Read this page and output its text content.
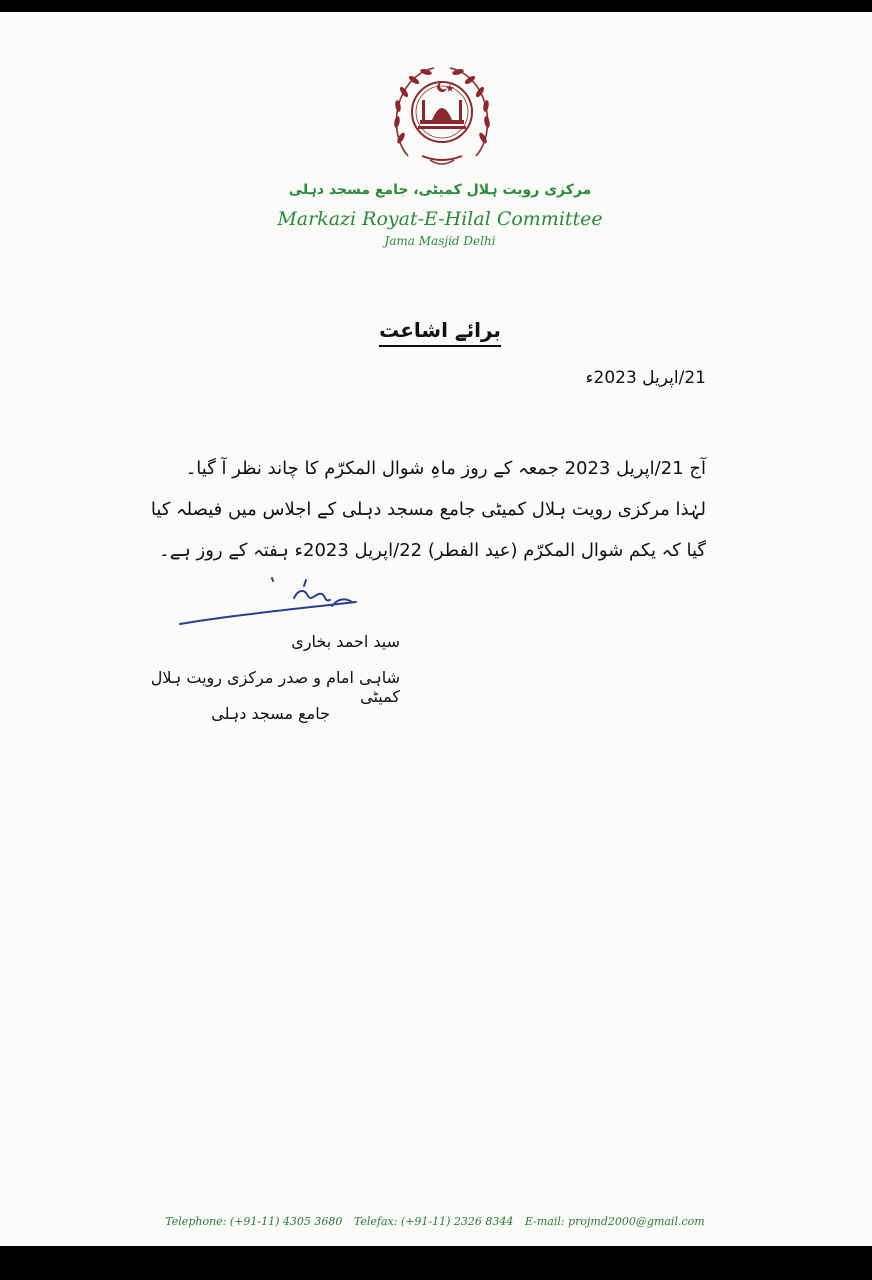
مرکزی رویت ہلال کمیٹی، جامع مسجد دہلی
Markazi Royat-E-Hilal Committee
Jama Masjid Delhi
برائے اشاعت
21/اپریل 2023ء
آج 21/اپریل 2023 جمعہ کے روز ماہِ شوال المکرّم کا چاند نظر آ گیا۔ لہٰذا مرکزی رویت ہلال کمیٹی جامع مسجد دہلی کے اجلاس میں فیصلہ کیا گیا کہ یکم شوال المکرّم (عید الفطر) 22/اپریل 2023ء ہفتہ کے روز ہے۔
سید احمد بخاری
شاہی امام و صدر مرکزی رویت ہلال کمیٹی
جامع مسجد دہلی
Telephone: (+91-11) 4305 3680 Telefax: (+91-11) 2326 8344 E-mail: projmd2000@gmail.com
